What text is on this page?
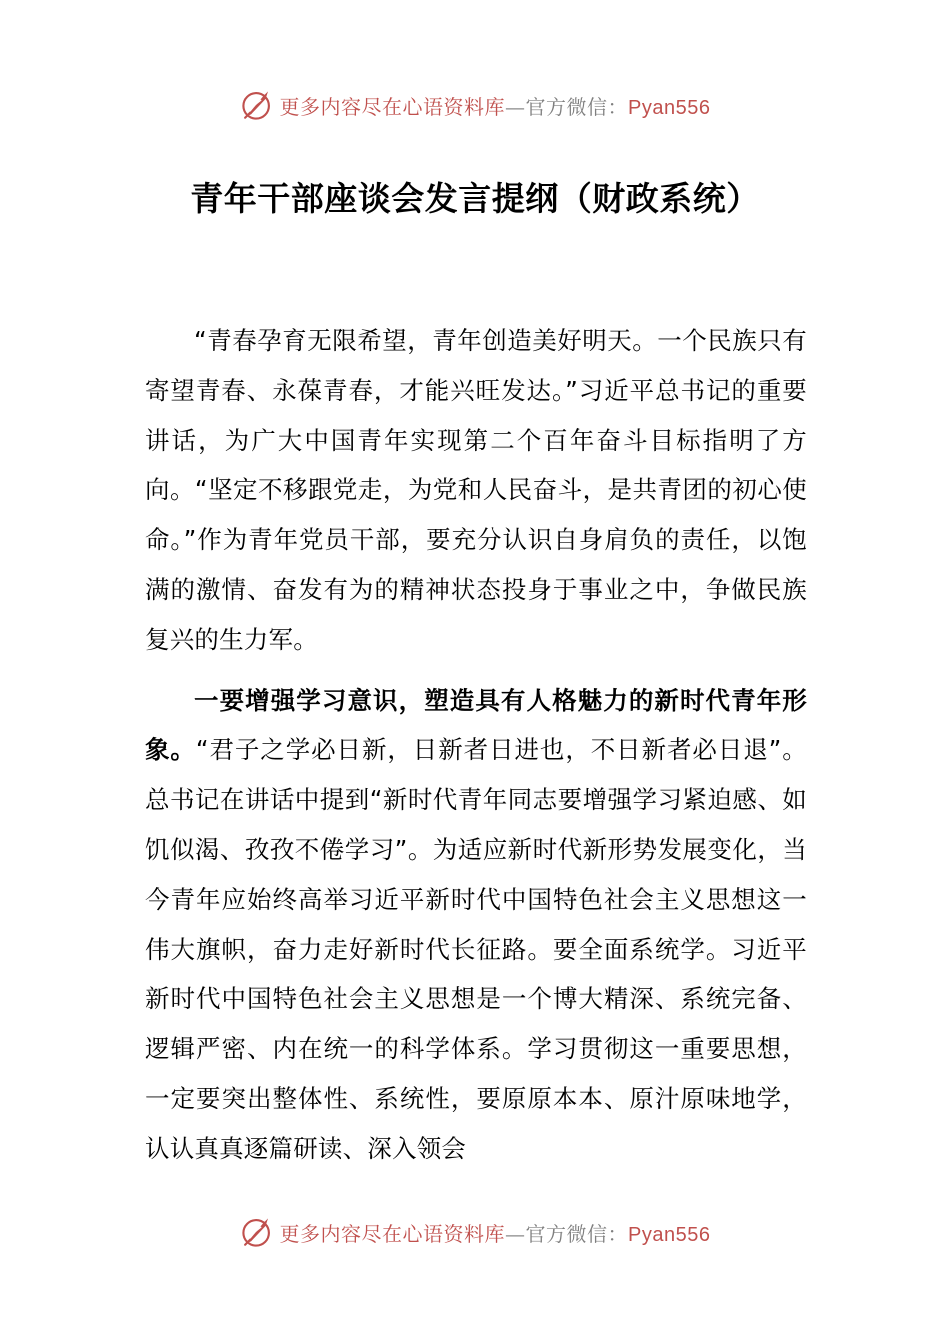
更多内容尽在心语资料库—官方微信：Pyan556
青年干部座谈会发言提纲（财政系统）

“青春孕育无限希望，青年创造美好明天。一个民族只有寄望青春、永葆青春，才能兴旺发达。”习近平总书记的重要讲话，为广大中国青年实现第二个百年奋斗目标指明了方向。“坚定不移跟党走，为党和人民奋斗，是共青团的初心使命。”作为青年党员干部，要充分认识自身肩负的责任，以饱满的激情、奋发有为的精神状态投身于事业之中，争做民族复兴的生力军。

一要增强学习意识，塑造具有人格魅力的新时代青年形象。“君子之学必日新，日新者日进也，不日新者必日退”。总书记在讲话中提到“新时代青年同志要增强学习紧迫感、如饥似渴、孜孜不倦学习”。为适应新时代新形势发展变化，当今青年应始终高举习近平新时代中国特色社会主义思想这一伟大旗帜，奋力走好新时代长征路。要全面系统学。习近平新时代中国特色社会主义思想是一个博大精深、系统完备、逻辑严密、内在统一的科学体系。学习贯彻这一重要思想，一定要突出整体性、系统性，要原原本本、原汁原味地学，认认真真逐篇研读、深入领会

更多内容尽在心语资料库—官方微信：Pyan556
